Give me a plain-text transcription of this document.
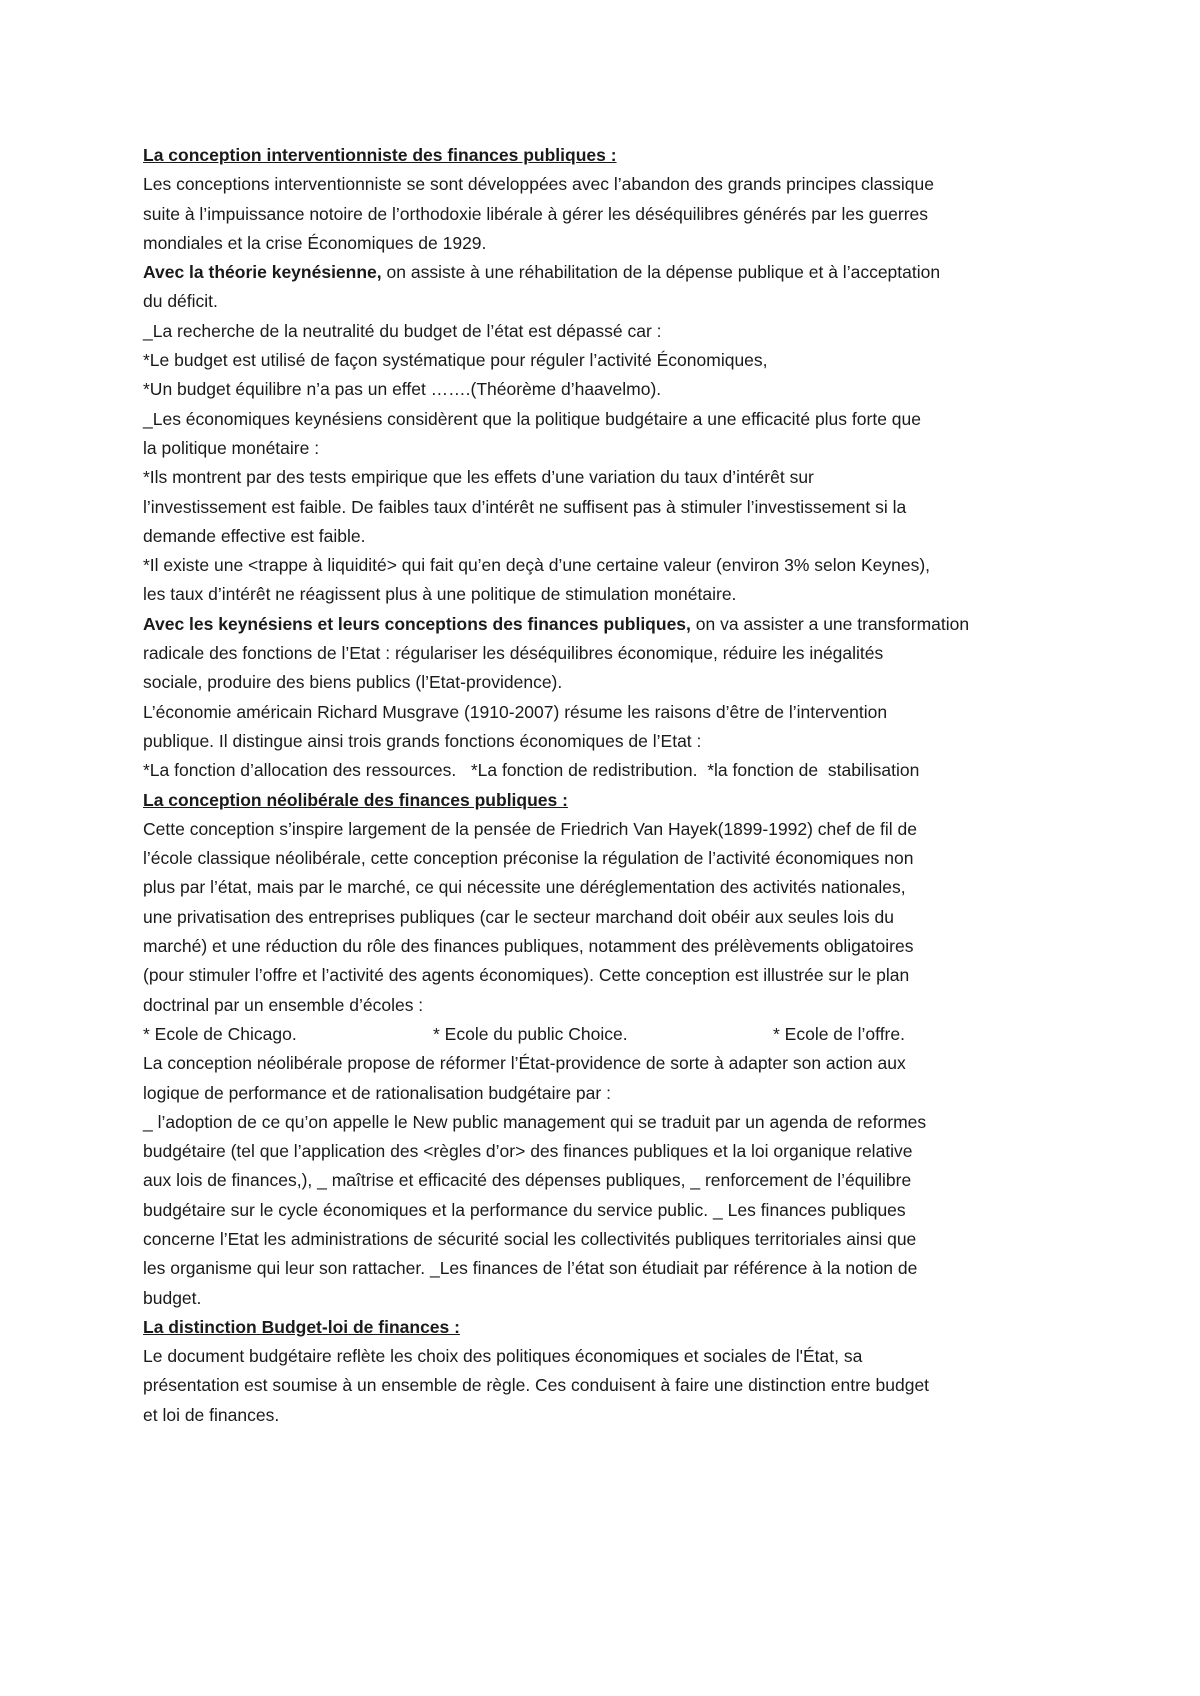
La conception interventionniste des finances publiques :
Les conceptions interventionniste se sont développées avec l’abandon des grands principes classique
suite à l’impuissance notoire de l’orthodoxie libérale à gérer les déséquilibres générés par les guerres
mondiales et la crise Économiques de 1929.
Avec la théorie keynésienne, on assiste à une réhabilitation de la dépense publique et à l’acceptation
du déficit.
_La recherche de la neutralité du budget de l’état est dépassé car :
*Le budget est utilisé de façon systématique pour réguler l’activité Économiques,
*Un budget équilibre n’a pas un effet …….(Théorème d’haavelmo).
_Les économiques keynésiens considèrent que la politique budgétaire a une efficacité plus forte que
la politique monétaire :
*Ils montrent par des tests empirique que les effets d’une variation du taux d’intérêt sur
l’investissement est faible. De faibles taux d’intérêt ne suffisent pas à stimuler l’investissement si la
demande effective est faible.
*Il existe une <trappe à liquidité> qui fait qu’en deçà d’une certaine valeur (environ 3% selon Keynes),
les taux d’intérêt ne réagissent plus à une politique de stimulation monétaire.
Avec les keynésiens et leurs conceptions des finances publiques, on va assister a une transformation
radicale des fonctions de l’Etat : régulariser les déséquilibres économique, réduire les inégalités
sociale, produire des biens publics (l’Etat-providence).
L’économie américain Richard Musgrave (1910-2007) résume les raisons d’être de l’intervention
publique. Il distingue ainsi trois grands fonctions économiques de l’Etat :
*La fonction d’allocation des ressources.   *La fonction de redistribution.  *la fonction de  stabilisation
La conception néolibérale des finances publiques :
Cette conception s’inspire largement de la pensée de Friedrich Van Hayek(1899-1992) chef de fil de
l’école classique néolibérale, cette conception préconise la régulation de l’activité économiques non
plus par l’état, mais par le marché, ce qui nécessite une déréglementation des activités nationales,
une privatisation des entreprises publiques (car le secteur marchand doit obéir aux seules lois du
marché) et une réduction du rôle des finances publiques, notamment des prélèvements obligatoires
(pour stimuler l’offre et l’activité des agents économiques). Cette conception est illustrée sur le plan
doctrinal par un ensemble d’écoles :
* Ecole de Chicago.	* Ecole du public Choice.	* Ecole de l’offre.
La conception néolibérale propose de réformer l’État-providence de sorte à adapter son action aux
logique de performance et de rationalisation budgétaire par :
_ l’adoption de ce qu’on appelle le New public management qui se traduit par un agenda de reformes
budgétaire (tel que l’application des <règles d’or> des finances publiques et la loi organique relative
aux lois de finances,), _ maîtrise et efficacité des dépenses publiques, _ renforcement de l’équilibre
budgétaire sur le cycle économiques et la performance du service public. _ Les finances publiques
concerne l’Etat les administrations de sécurité social les collectivités publiques territoriales ainsi que
les organisme qui leur son rattacher. _Les finances de l’état son étudiait par référence à la notion de
budget.
La distinction Budget-loi de finances :
Le document budgétaire reflète les choix des politiques économiques et sociales de l'État, sa
présentation est soumise à un ensemble de règle. Ces conduisent à faire une distinction entre budget
et loi de finances.
